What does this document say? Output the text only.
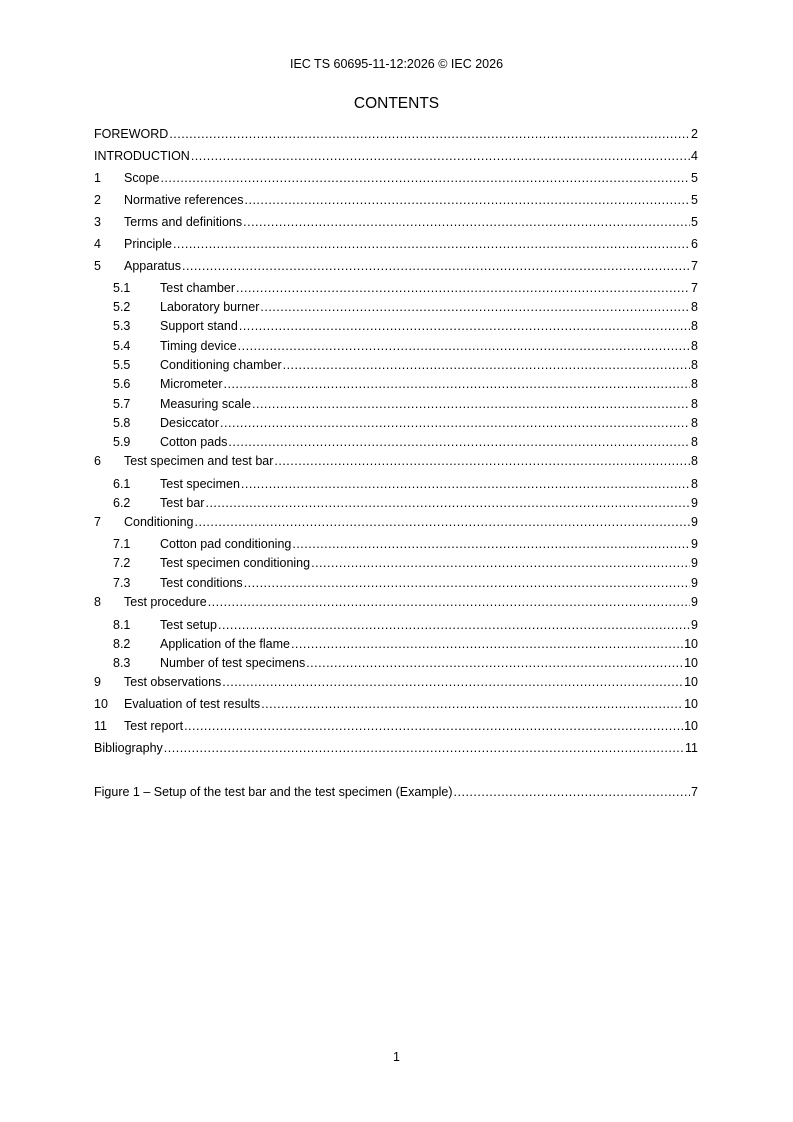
IEC TS 60695-11-12:2026 © IEC 2026
CONTENTS
FOREWORD .....	2
INTRODUCTION .....	4
1	Scope .....	5
2	Normative references .....	5
3	Terms and definitions .....	5
4	Principle .....	6
5	Apparatus .....	7
5.1	Test chamber .....	7
5.2	Laboratory burner .....	8
5.3	Support stand .....	8
5.4	Timing device .....	8
5.5	Conditioning chamber .....	8
5.6	Micrometer .....	8
5.7	Measuring scale .....	8
5.8	Desiccator .....	8
5.9	Cotton pads .....	8
6	Test specimen and test bar .....	8
6.1	Test specimen .....	8
6.2	Test bar .....	9
7	Conditioning .....	9
7.1	Cotton pad conditioning .....	9
7.2	Test specimen conditioning .....	9
7.3	Test conditions .....	9
8	Test procedure .....	9
8.1	Test setup .....	9
8.2	Application of the flame .....	10
8.3	Number of test specimens .....	10
9	Test observations .....	10
10	Evaluation of test results .....	10
11	Test report .....	10
Bibliography .....	11
Figure 1 – Setup of the test bar and the test specimen (Example) .....	7
1
